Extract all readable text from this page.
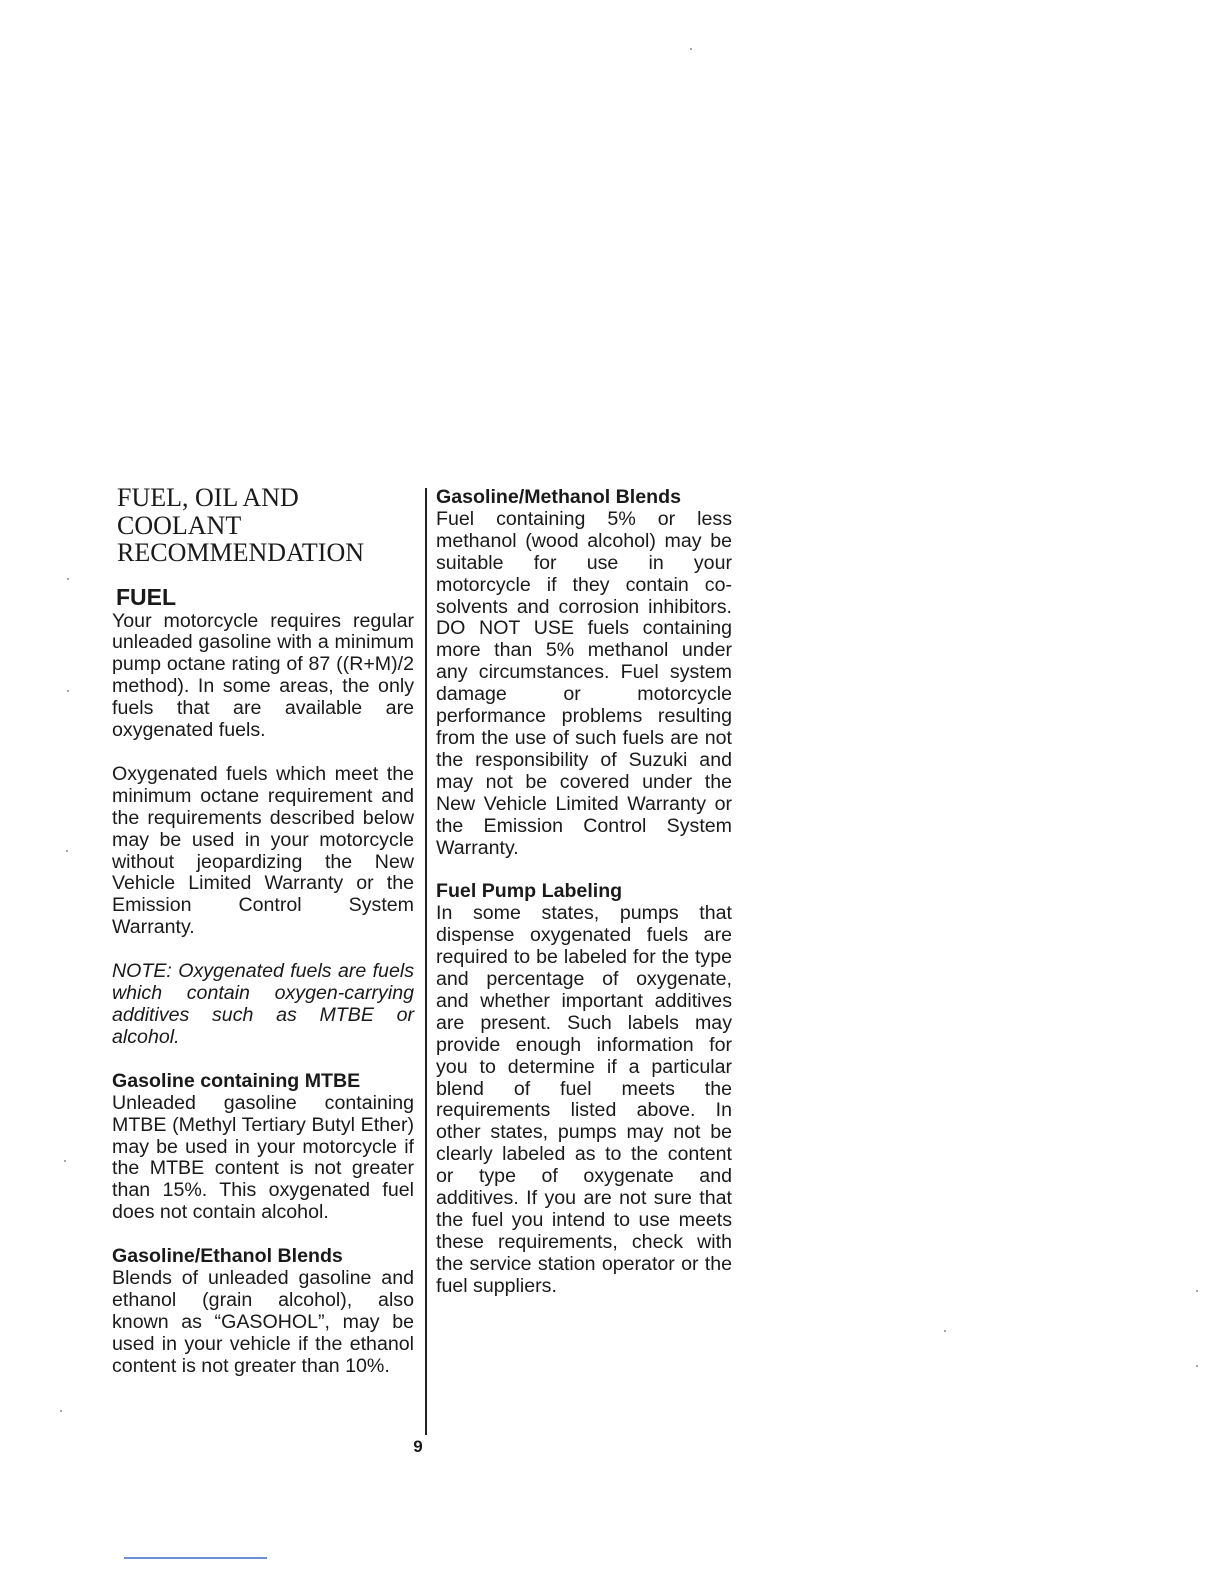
FUEL, OIL AND
COOLANT
RECOMMENDATION
FUEL

Your motorcycle requires regular unleaded gasoline with a minimum pump octane rating of 87 ((R+M)/2 method). In some areas, the only fuels that are available are oxygenated fuels.

Oxygenated fuels which meet the minimum octane requirement and the requirements described below may be used in your motorcycle without jeopardizing the New Vehicle Limited Warranty or the Emission Control System Warranty.

NOTE: Oxygenated fuels are fuels which contain oxygen-carrying additives such as MTBE or alcohol.

Gasoline containing MTBE

Unleaded gasoline containing MTBE (Methyl Tertiary Butyl Ether) may be used in your motorcycle if the MTBE content is not greater than 15%. This oxygenated fuel does not contain alcohol.

Gasoline/Ethanol Blends

Blends of unleaded gasoline and ethanol (grain alcohol), also known as “GASOHOL”, may be used in your vehicle if the ethanol content is not greater than 10%.

Gasoline/Methanol Blends

Fuel containing 5% or less methanol (wood alcohol) may be suitable for use in your motorcycle if they contain co-solvents and corrosion inhibitors. DO NOT USE fuels containing more than 5% methanol under any circumstances. Fuel system damage or motorcycle performance problems resulting from the use of such fuels are not the responsibility of Suzuki and may not be covered under the New Vehicle Limited Warranty or the Emission Control System Warranty.

Fuel Pump Labeling

In some states, pumps that dispense oxygenated fuels are required to be labeled for the type and percentage of oxygenate, and whether important additives are present. Such labels may provide enough information for you to determine if a particular blend of fuel meets the requirements listed above. In other states, pumps may not be clearly labeled as to the content or type of oxygenate and additives. If you are not sure that the fuel you intend to use meets these requirements, check with the service station operator or the fuel suppliers.

9
